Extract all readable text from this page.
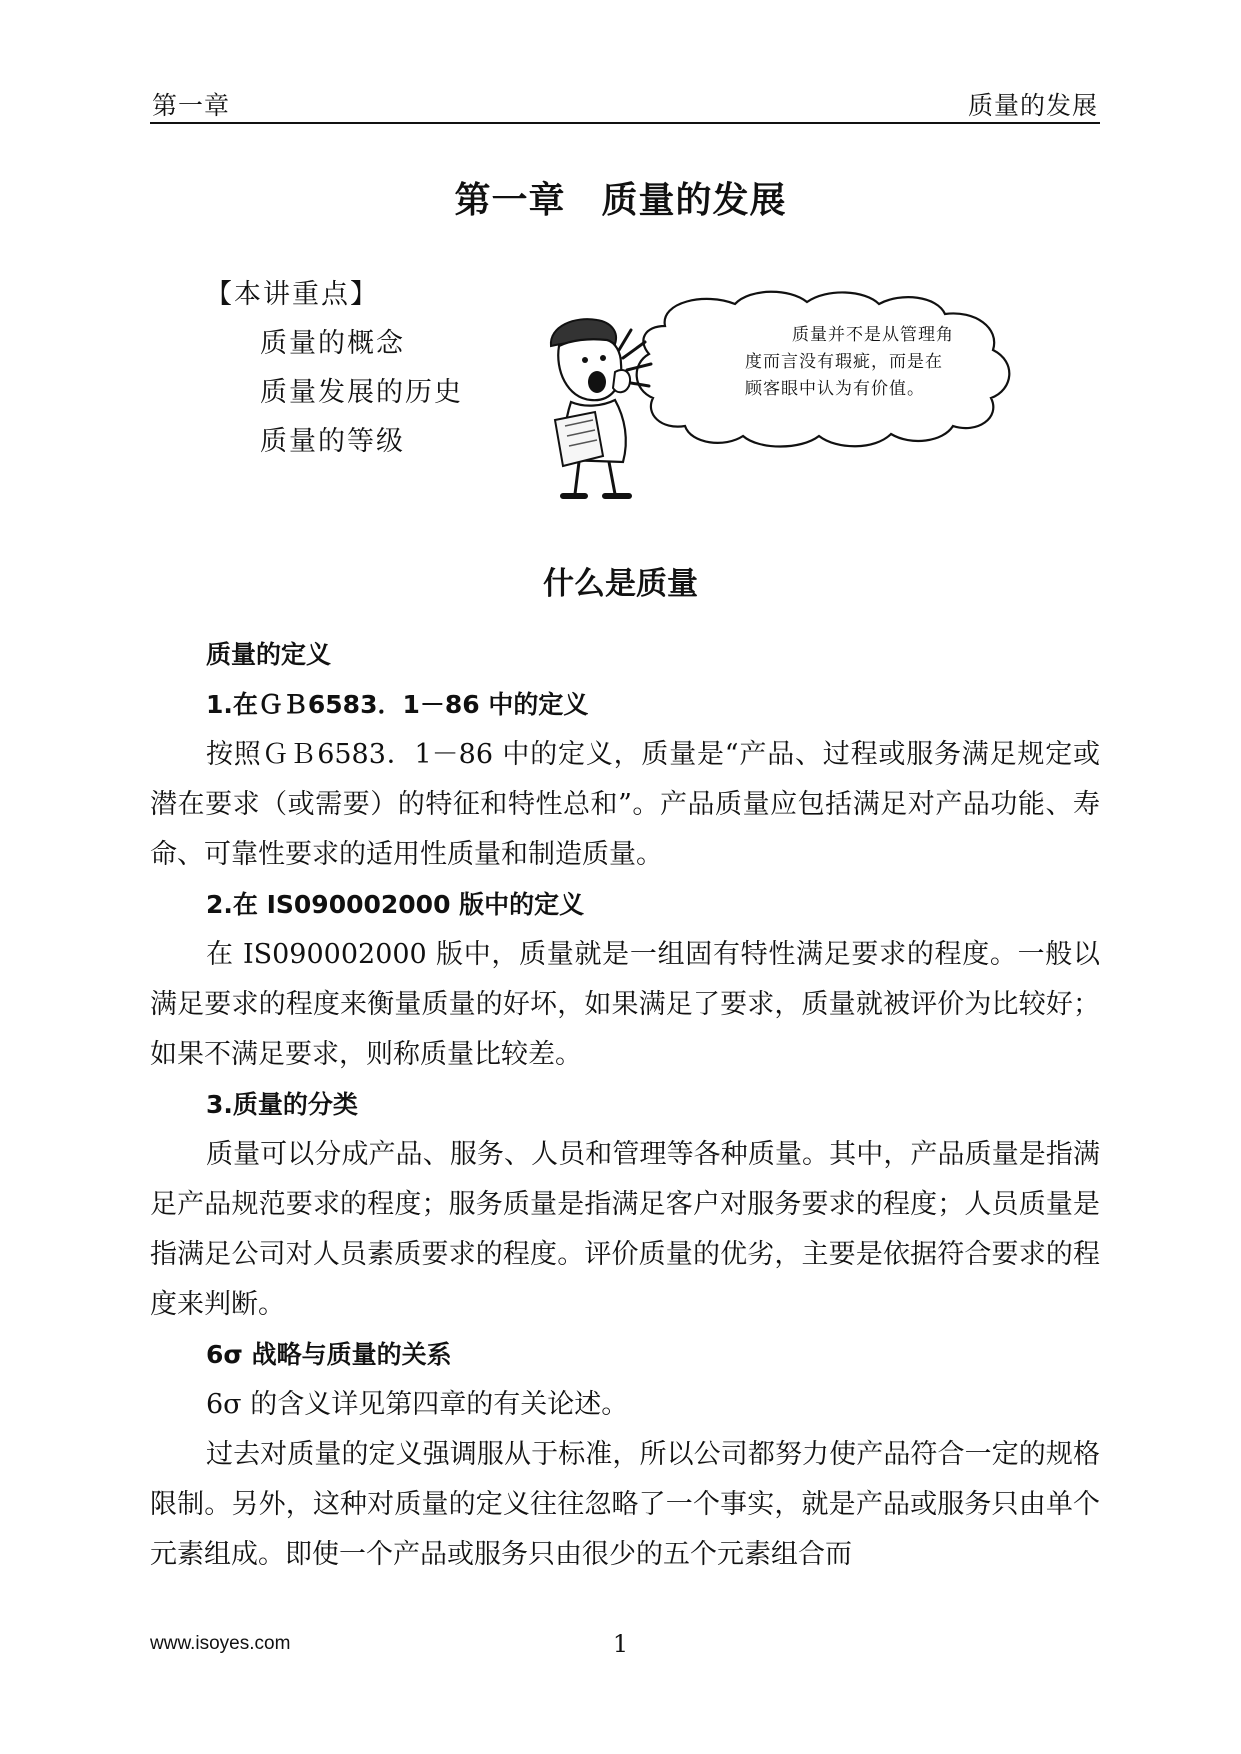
第一章	质量的发展
第一章 质量的发展
【本讲重点】
质量的概念
质量发展的历史
质量的等级
质量并不是从管理角
度而言没有瑕疵，而是在
顾客眼中认为有价值。
什么是质量
质量的定义
1.在ＧＢ6583．1－86 中的定义
按照ＧＢ6583．1－86 中的定义，质量是“产品、过程或服务满足规定或潜在要求（或需要）的特征和特性总和”。产品质量应包括满足对产品功能、寿命、可靠性要求的适用性质量和制造质量。
2.在 IS090002000 版中的定义
在 IS090002000 版中，质量就是一组固有特性满足要求的程度。一般以满足要求的程度来衡量质量的好坏，如果满足了要求，质量就被评价为比较好；如果不满足要求，则称质量比较差。
3.质量的分类
质量可以分成产品、服务、人员和管理等各种质量。其中，产品质量是指满足产品规范要求的程度；服务质量是指满足客户对服务要求的程度；人员质量是指满足公司对人员素质要求的程度。评价质量的优劣，主要是依据符合要求的程度来判断。
6σ 战略与质量的关系
6σ 的含义详见第四章的有关论述。
过去对质量的定义强调服从于标准，所以公司都努力使产品符合一定的规格限制。另外，这种对质量的定义往往忽略了一个事实，就是产品或服务只由单个元素组成。即使一个产品或服务只由很少的五个元素组合而
www.isoyes.com	1
